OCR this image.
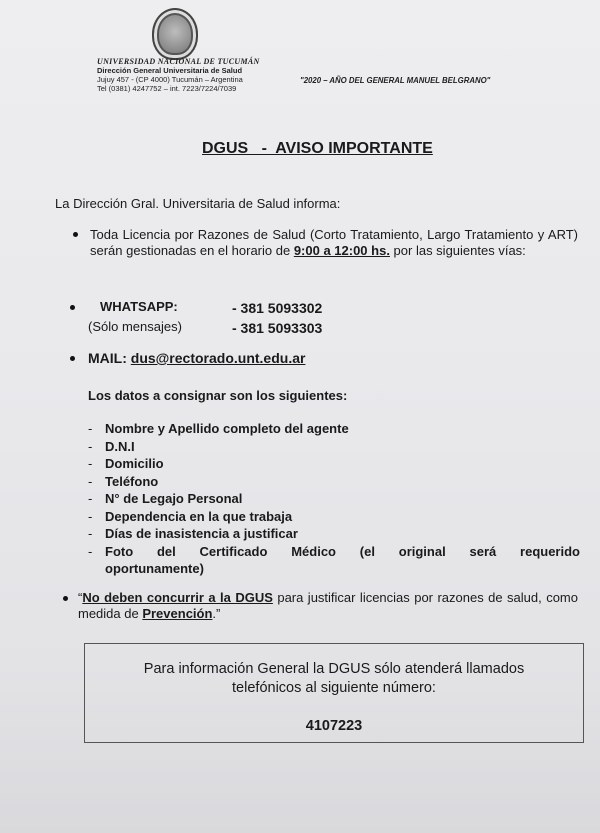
UNIVERSIDAD NACIONAL DE TUCUMÁN
Dirección General Universitaria de Salud
Jujuy 457 - (CP 4000) Tucumán – Argentina
Tel (0381) 4247752 – int. 7223/7224/7039
"2020 – AÑO DEL GENERAL MANUEL BELGRANO"
DGUS   -  AVISO IMPORTANTE
La Dirección Gral. Universitaria de Salud informa:
Toda Licencia por Razones de Salud (Corto Tratamiento, Largo Tratamiento y ART) serán gestionadas en el horario de 9:00 a 12:00 hs. por las siguientes vías:
WHATSAPP:	- 381 5093302
(Sólo mensajes)	- 381 5093303
MAIL: dus@rectorado.unt.edu.ar
Los datos a consignar son los siguientes:
- Nombre y Apellido completo del agente
- D.N.I
- Domicilio
- Teléfono
- N° de Legajo Personal
- Dependencia en la que trabaja
- Días de inasistencia a justificar
- Foto del Certificado Médico (el original será requerido
oportunamente)
“No deben concurrir a la DGUS para justificar licencias por razones de salud, como medida de Prevención.”
Para información General la DGUS sólo atenderá llamados
telefónicos al siguiente número:
4107223
